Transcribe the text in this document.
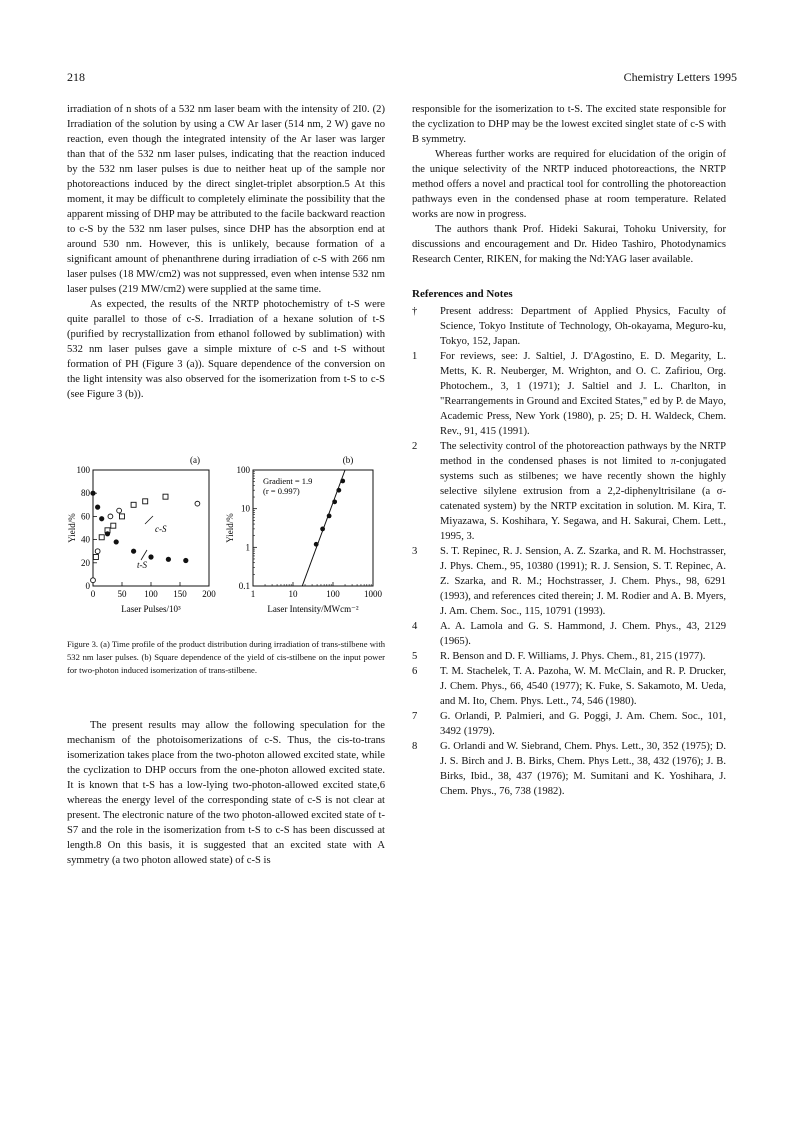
218	Chemistry Letters 1995

irradiation of n shots of a 532 nm laser beam with the intensity of 2I0. (2) Irradiation of the solution by using a CW Ar laser (514 nm, 2 W) gave no reaction, even though the integrated intensity of the Ar laser was larger than that of the 532 nm laser pulses, indicating that the reaction induced by the 532 nm laser pulses is due to neither heat up of the sample nor photoreactions induced by the direct singlet-triplet absorption.5 At this moment, it may be difficult to completely eliminate the possibility that the apparent missing of DHP may be attributed to the facile backward reaction to c-S by the 532 nm laser pulses, since DHP has the absorption end at around 530 nm. However, this is unlikely, because formation of a significant amount of phenanthrene during irradiation of c-S with 266 nm laser pulses (18 MW/cm2) was not suppressed, even when intense 532 nm laser pulses (219 MW/cm2) were supplied at the same time.

As expected, the results of the NRTP photochemistry of t-S were quite parallel to those of c-S. Irradiation of a hexane solution of t-S (purified by recrystallization from ethanol followed by sublimation) with 532 nm laser pulses gave a simple mixture of c-S and t-S without formation of PH (Figure 3 (a)). Square dependence of the conversion on the light intensity was also observed for the isomerization from t-S to c-S (see Figure 3 (b)).

(a)
0 50 100 150 200
0
20
40
60
80
100
Yield/%
Laser Pulses/10³
c-S
t-S
(b)
1	10	100	1000
0.1
1
10
100
Yield/%
Laser Intensity/MWcm⁻²
Gradient = 1.9
(r = 0.997)
Figure 3. (a) Time profile of the product distribution during irradiation of trans-stilbene with 532 nm laser pulses. (b) Square dependence of the yield of cis-stilbene on the input power for two-photon induced isomerization of trans-stilbene.

The present results may allow the following speculation for the mechanism of the photoisomerizations of c-S. Thus, the cis-to-trans isomerization takes place from the two-photon allowed excited state, while the cyclization to DHP occurs from the one-photon allowed excited state. It is known that t-S has a low-lying two-photon-allowed excited state,6 whereas the energy level of the corresponding state of c-S is not clear at present. The electronic nature of the two photon-allowed excited state of t-S7 and the role in the isomerization from t-S to c-S has been discussed at length.8 On this basis, it is suggested that an excited state with A symmetry (a two photon allowed state) of c-S is

responsible for the isomerization to t-S. The excited state responsible for the cyclization to DHP may be the lowest excited singlet state of c-S with B symmetry.

Whereas further works are required for elucidation of the origin of the unique selectivity of the NRTP induced photoreactions, the NRTP method offers a novel and practical tool for controlling the photoreaction pathways even in the condensed phase at room temperature. Related works are now in progress.

The authors thank Prof. Hideki Sakurai, Tohoku University, for discussions and encouragement and Dr. Hideo Tashiro, Photodynamics Research Center, RIKEN, for making the Nd:YAG laser available.

References and Notes
†	Present address: Department of Applied Physics, Faculty of Science, Tokyo Institute of Technology, Oh-okayama, Meguro-ku, Tokyo, 152, Japan.
1	For reviews, see: J. Saltiel, J. D'Agostino, E. D. Megarity, L. Metts, K. R. Neuberger, M. Wrighton, and O. C. Zafiriou, Org. Photochem., 3, 1 (1971); J. Saltiel and J. L. Charlton, in "Rearrangements in Ground and Excited States," ed by P. de Mayo, Academic Press, New York (1980), p. 25; D. H. Waldeck, Chem. Rev., 91, 415 (1991).
2	The selectivity control of the photoreaction pathways by the NRTP method in the condensed phases is not limited to π-conjugated systems such as stilbenes; we have recently shown the highly selective silylene extrusion from a 2,2-diphenyltrisilane (a σ-catenated system) by the NRTP excitation in solution. M. Kira, T. Miyazawa, S. Koshihara, Y. Segawa, and H. Sakurai, Chem. Lett., 1995, 3.
3	S. T. Repinec, R. J. Sension, A. Z. Szarka, and R. M. Hochstrasser, J. Phys. Chem., 95, 10380 (1991); R. J. Sension, S. T. Repinec, A. Z. Szarka, and R. M.; Hochstrasser, J. Chem. Phys., 98, 6291 (1993), and references cited therein; J. M. Rodier and A. B. Myers, J. Am. Chem. Soc., 115, 10791 (1993).
4	A. A. Lamola and G. S. Hammond, J. Chem. Phys., 43, 2129 (1965).
5	R. Benson and D. F. Williams, J. Phys. Chem., 81, 215 (1977).
6	T. M. Stachelek, T. A. Pazoha, W. M. McClain, and R. P. Drucker, J. Chem. Phys., 66, 4540 (1977); K. Fuke, S. Sakamoto, M. Ueda, and M. Ito, Chem. Phys. Lett., 74, 546 (1980).
7	G. Orlandi, P. Palmieri, and G. Poggi, J. Am. Chem. Soc., 101, 3492 (1979).
8	G. Orlandi and W. Siebrand, Chem. Phys. Lett., 30, 352 (1975); D. J. S. Birch and J. B. Birks, Chem. Phys Lett., 38, 432 (1976); J. B. Birks, Ibid., 38, 437 (1976); M. Sumitani and K. Yoshihara, J. Chem. Phys., 76, 738 (1982).
